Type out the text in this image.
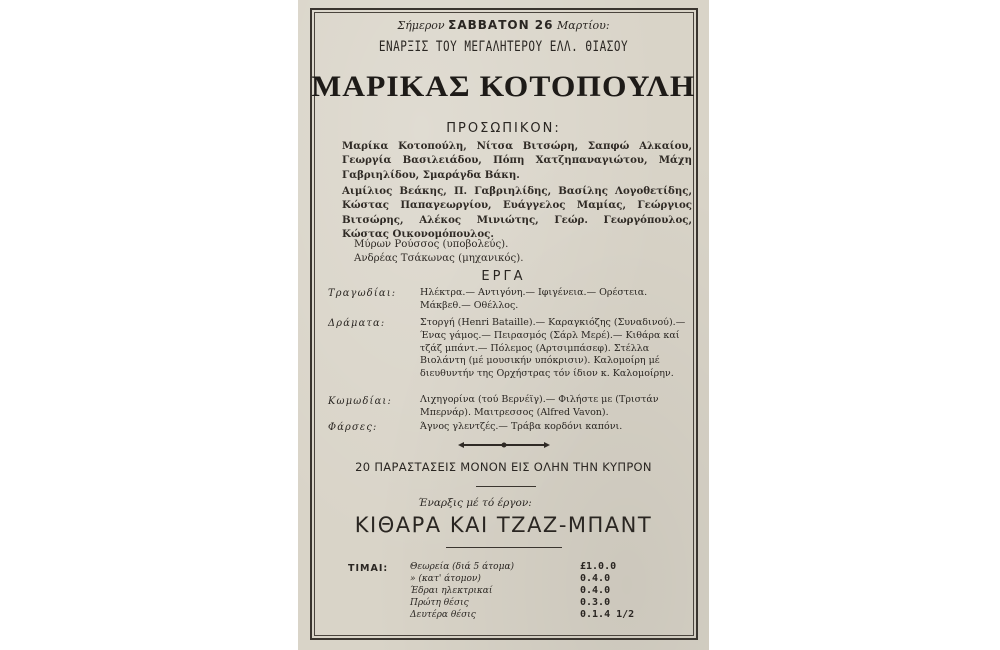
Σήμερον ΣΑΒΒΑΤΟΝ 26 Μαρτίου:
ΕΝΑΡΞΙΣ ΤΟΥ ΜΕΓΑΛΗΤΕΡΟΥ ΕΛΛ. ΘΙΑΣΟΥ
ΜΑΡΙΚΑΣ ΚΟΤΟΠΟΥΛΗ
ΠΡΟΣΩΠΙΚΟΝ:
Μαρίκα Κοτοπούλη, Νίτσα Βιτσώρη, Σαπφώ Αλκαίου, Γεωργία Βασιλειάδου, Πόπη Χατζηπαναγιώτου, Μάχη Γαβριηλίδου, Σμαράγδα Βάκη.
Αιμίλιος Βεάκης, Π. Γαβριηλίδης, Βασίλης Λογοθετίδης, Κώστας Παπαγεωργίου, Ευάγγελος Μαμίας, Γεώργιος Βιτσώρης, Αλέκος Μινιώτης, Γεώρ. Γεωργόπουλος, Κώστας Οικονομόπουλος.
Μύρων Ρούσσος (υποβολεύς).
Ανδρέας Τσάκωνας (μηχανικός).
ΕΡΓΑ
Τραγωδίαι: Ηλέκτρα.— Αντιγόνη.— Ιφιγένεια.— Ορέστεια. Μάκβεθ.— Οθέλλος.
Δράματα:	Στοργή (Henri Bataille).— Καραγκιόζης (Συναδινού).— Ένας γάμος.— Πειρασμός (Σάρλ Μερέ).— Κιθάρα καί τζάζ μπάντ.— Πόλεμος (Αρτσιμπάσεφ). Στέλλα Βιολάντη (μέ μουσικήν υπόκρισιν). Καλομοίρη μέ διευθυντήν της Ορχήστρας τόν ίδιον κ. Καλομοίρην.
Κωμωδίαι:	Λιχηγορίνα (τού Βερνέϊγ).— Φιλήστε με (Τριστάν Μπερνάρ). Μαιτρεσσος (Alfred Vavon).
Φάρσες:	Άγνος γλεντζές.— Τράβα κορδόνι καπόνι.
20 ΠΑΡΑΣΤΑΣΕΙΣ ΜΟΝΟΝ ΕΙΣ ΟΛΗΝ ΤΗΝ ΚΥΠΡΟΝ
Έναρξις μέ τό έργον:
ΚΙΘΑΡΑ ΚΑΙ ΤΖΑΖ-ΜΠΑΝΤ
ΤΙΜΑΙ: Θεωρεία (διά 5 άτομα)	£1.0.0
» (κατ' άτομον)	0.4.0
Έδραι ηλεκτρικαί	0.4.0
Πρώτη θέσις	0.3.0
Δευτέρα θέσις	0.1.4 1/2
